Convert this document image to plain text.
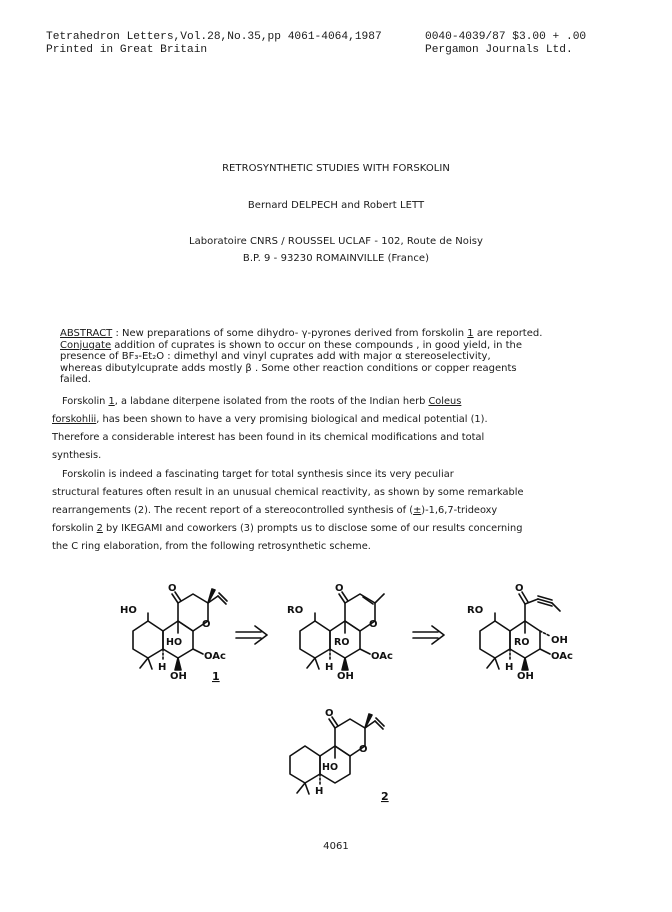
Tetrahedron Letters,Vol.28,No.35,pp 4061-4064,1987	0040-4039/87 $3.00 + .00

Printed in Great Britain	Pergamon Journals Ltd.

RETROSYNTHETIC STUDIES WITH FORSKOLIN

Bernard DELPECH and Robert LETT

Laboratoire CNRS / ROUSSEL UCLAF - 102, Route de Noisy

B.P. 9 - 93230 ROMAINVILLE (France)

ABSTRACT : New preparations of some dihydro- γ-pyrones derived from forskolin 1 are reported.

Conjugate addition of cuprates is shown to occur on these compounds , in good yield, in the

presence of BF₃-Et₂O : dimethyl and vinyl cuprates add with major α stereoselectivity,

whereas dibutylcuprate adds mostly β . Some other reaction conditions or copper reagents

failed.

Forskolin 1, a labdane diterpene isolated from the roots of the Indian herb Coleus

forskohlii, has been shown to have a very promising biological and medical potential (1).

Therefore a considerable interest has been found in its chemical modifications and total

synthesis.

Forskolin is indeed a fascinating target for total synthesis since its very peculiar

structural features often result in an unusual chemical reactivity, as shown by some remarkable

rearrangements (2). The recent report of a stereocontrolled synthesis of (±)-1,6,7-trideoxy

forskolin 2 by IKEGAMI and coworkers (3) prompts us to disclose some of our results concerning

the C ring elaboration, from the following retrosynthetic scheme.

HO
HO
O
O
OAc
OH
H
1
RO
RO
O
O
OAc
OH
H
RO
RO
O
OH
OAc
OH
H
HO
O
O
H	2

4061
